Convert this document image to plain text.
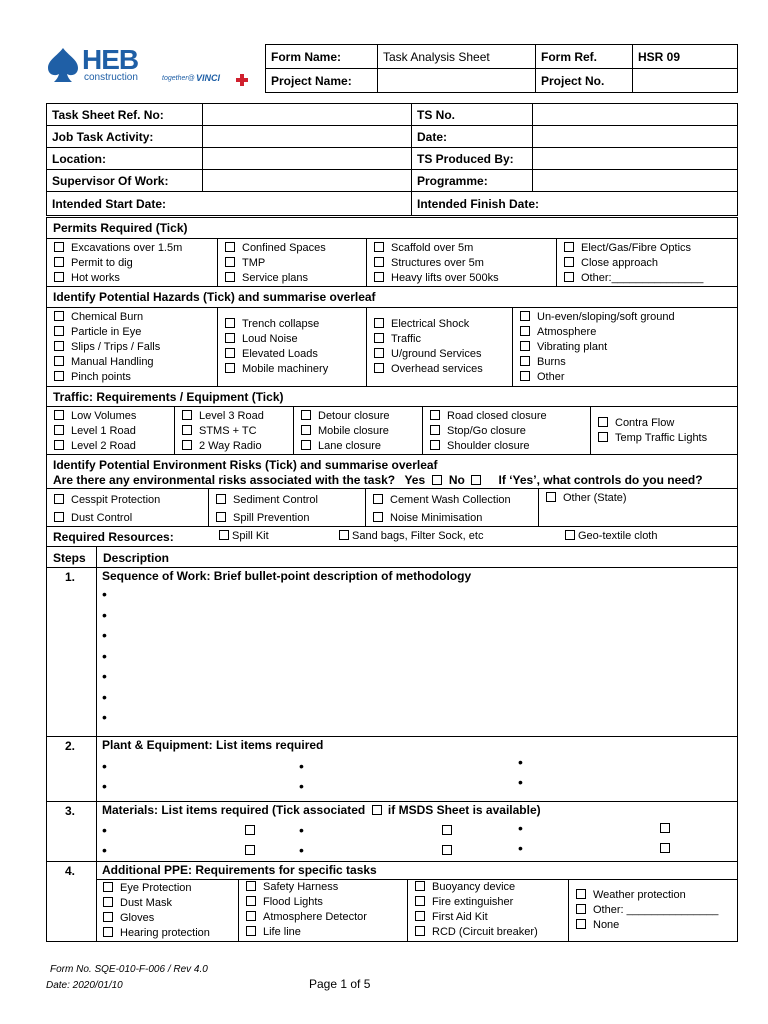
HEB
construction	together@ VINCI
Form Name:	Task Analysis Sheet	Form Ref.	HSR 09
Project Name:		Project No.	
Task Sheet Ref. No:		TS No.	
Job Task Activity:		Date:	
Location:		TS Produced By:	
Supervisor Of Work:		Programme:	
Intended Start Date:		Intended Finish Date:	
Permits Required (Tick)
Excavations over 1.5m
Permit to dig
Hot works
Confined Spaces
TMP
Service plans
Scaffold over 5m
Structures over 5m
Heavy lifts over 500ks
Elect/Gas/Fibre Optics
Close approach
Other:_______________
Identify Potential Hazards (Tick) and summarise overleaf
Chemical Burn
Particle in Eye
Slips / Trips / Falls
Manual Handling
Pinch points
Trench collapse
Loud Noise
Elevated Loads
Mobile machinery
Electrical Shock
Traffic
U/ground Services
Overhead services
Un-even/sloping/soft ground
Atmosphere
Vibrating plant
Burns
Other
Traffic: Requirements / Equipment (Tick)
Low Volumes
Level 1 Road
Level 2 Road
Level 3 Road
STMS + TC
2 Way Radio
Detour closure
Mobile closure
Lane closure
Road closed closure
Stop/Go closure
Shoulder closure
Contra Flow
Temp Traffic Lights
Identify Potential Environment Risks (Tick) and summarise overleaf
Are there any environmental risks associated with the task? Yes No	If ‘Yes’, what controls do you need?
Cesspit Protection
Dust Control
Sediment Control
Spill Prevention
Cement Wash Collection
Noise Minimisation
Other (State)
Required Resources:	Spill Kit	Sand bags, Filter Sock, etc	Geo-textile cloth
Steps Description
1. Sequence of Work: Brief bullet-point description of methodology
•
•
•
•
•
•
•
2. Plant & Equipment: List items required
•
•
•
•
•
•
3. Materials: List items required (Tick associated if MSDS Sheet is available)
•
•
•
•
•
•
4. Additional PPE: Requirements for specific tasks
Eye Protection
Dust Mask
Gloves
Hearing protection
Safety Harness
Flood Lights
Atmosphere Detector
Life line
Buoyancy device
Fire extinguisher
First Aid Kit
RCD (Circuit breaker)
Weather protection
Other: _______________
None
Form No. SQE-010-F-006 / Rev 4.0
Date: 2020/01/10	Page 1 of 5
